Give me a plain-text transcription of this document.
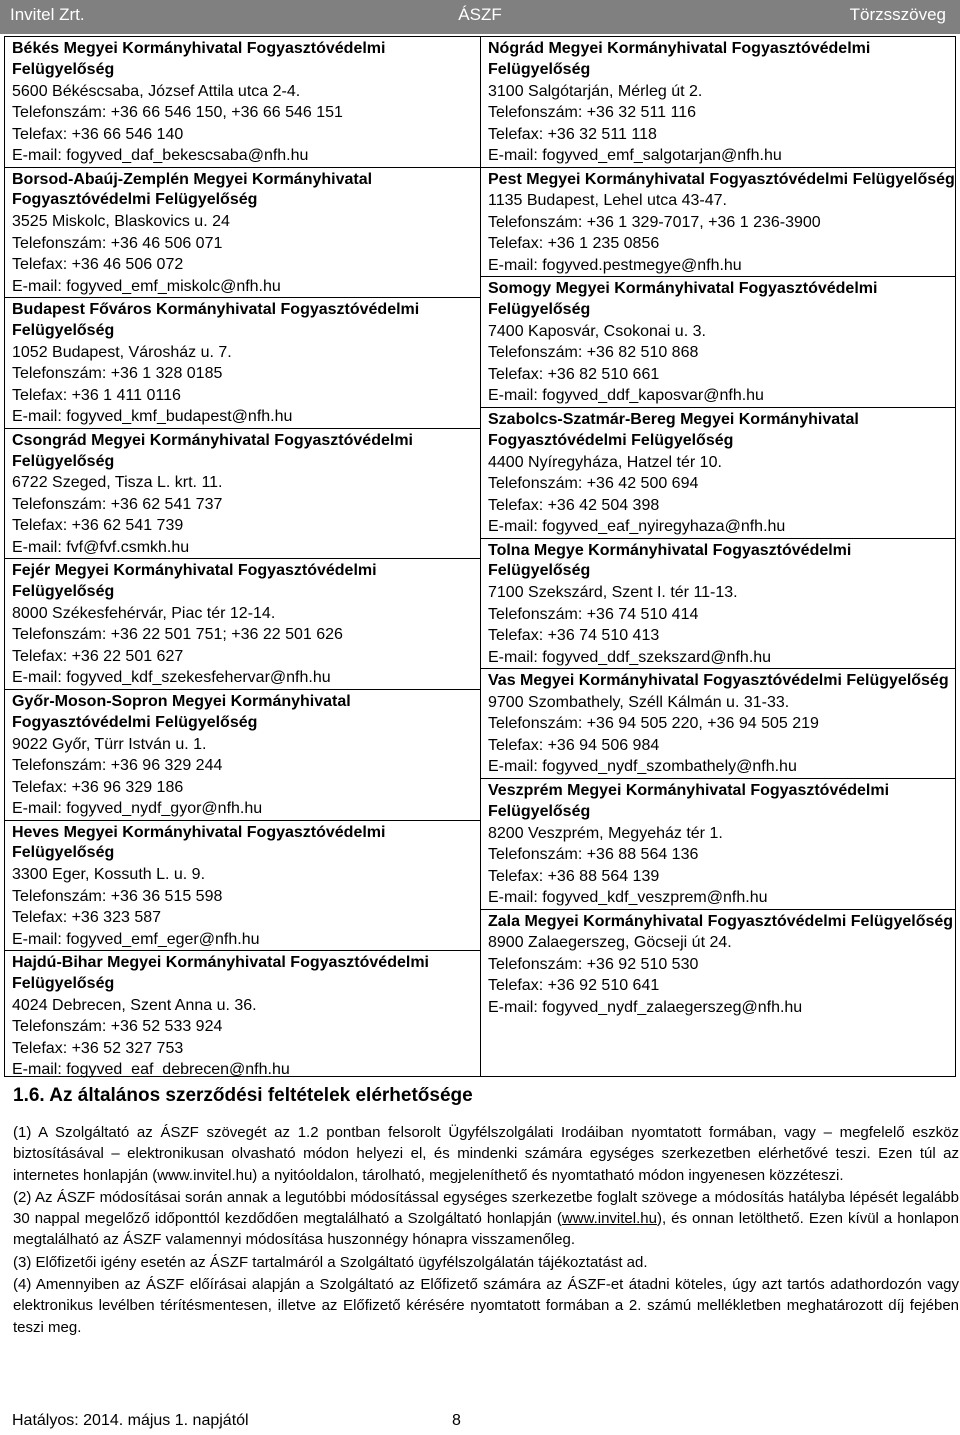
Invitel Zrt.	ÁSZF	Törzsszöveg
Békés Megyei Kormányhivatal Fogyasztóvédelmi Felügyelőség
5600 Békéscsaba, József Attila utca 2-4.
Telefonszám: +36 66 546 150, +36 66 546 151
Telefax: +36 66 546 140
E-mail: fogyved_daf_bekescsaba@nfh.hu
Borsod-Abaúj-Zemplén Megyei Kormányhivatal Fogyasztóvédelmi Felügyelőség
3525 Miskolc, Blaskovics u. 24
Telefonszám: +36 46 506 071
Telefax: +36 46 506 072
E-mail: fogyved_emf_miskolc@nfh.hu
Budapest Főváros Kormányhivatal Fogyasztóvédelmi Felügyelőség
1052 Budapest, Városház u. 7.
Telefonszám: +36 1 328 0185
Telefax: +36 1 411 0116
E-mail: fogyved_kmf_budapest@nfh.hu
Csongrád Megyei Kormányhivatal Fogyasztóvédelmi Felügyelőség
6722 Szeged, Tisza L. krt. 11.
Telefonszám: +36 62 541 737
Telefax: +36 62 541 739
E-mail: fvf@fvf.csmkh.hu
Fejér Megyei Kormányhivatal Fogyasztóvédelmi Felügyelőség
8000 Székesfehérvár, Piac tér 12-14.
Telefonszám: +36 22 501 751; +36 22 501 626
Telefax: +36 22 501 627
E-mail: fogyved_kdf_szekesfehervar@nfh.hu
Győr-Moson-Sopron Megyei Kormányhivatal Fogyasztóvédelmi Felügyelőség
9022 Győr, Türr István u. 1.
Telefonszám: +36 96 329 244
Telefax: +36 96 329 186
E-mail: fogyved_nydf_gyor@nfh.hu
Heves Megyei Kormányhivatal Fogyasztóvédelmi Felügyelőség
3300 Eger, Kossuth L. u. 9.
Telefonszám: +36 36 515 598
Telefax: +36 323 587
E-mail: fogyved_emf_eger@nfh.hu
Hajdú-Bihar Megyei Kormányhivatal Fogyasztóvédelmi Felügyelőség
4024 Debrecen, Szent Anna u. 36.
Telefonszám: +36 52 533 924
Telefax: +36 52 327 753
E-mail: fogyved_eaf_debrecen@nfh.hu
Nógrád Megyei Kormányhivatal Fogyasztóvédelmi Felügyelőség
3100 Salgótarján, Mérleg út 2.
Telefonszám: +36 32 511 116
Telefax: +36 32 511 118
E-mail: fogyved_emf_salgotarjan@nfh.hu
Pest Megyei Kormányhivatal Fogyasztóvédelmi Felügyelőség
1135 Budapest, Lehel utca 43-47.
Telefonszám: +36 1 329-7017, +36 1 236-3900
Telefax: +36 1 235 0856
E-mail: fogyved.pestmegye@nfh.hu
Somogy Megyei Kormányhivatal Fogyasztóvédelmi Felügyelőség
7400 Kaposvár, Csokonai u. 3.
Telefonszám: +36 82 510 868
Telefax: +36 82 510 661
E-mail: fogyved_ddf_kaposvar@nfh.hu
Szabolcs-Szatmár-Bereg Megyei Kormányhivatal Fogyasztóvédelmi Felügyelőség
4400 Nyíregyháza, Hatzel tér 10.
Telefonszám: +36 42 500 694
Telefax: +36 42 504 398
E-mail: fogyved_eaf_nyiregyhaza@nfh.hu
Tolna Megye Kormányhivatal Fogyasztóvédelmi Felügyelőség
7100 Szekszárd, Szent I. tér 11-13.
Telefonszám: +36 74 510 414
Telefax: +36 74 510 413
E-mail: fogyved_ddf_szekszard@nfh.hu
Vas Megyei Kormányhivatal Fogyasztóvédelmi Felügyelőség
9700 Szombathely, Széll Kálmán u. 31-33.
Telefonszám: +36 94 505 220, +36 94 505 219
Telefax: +36 94 506 984
E-mail: fogyved_nydf_szombathely@nfh.hu
Veszprém Megyei Kormányhivatal Fogyasztóvédelmi Felügyelőség
8200 Veszprém, Megyeház tér 1.
Telefonszám: +36 88 564 136
Telefax: +36 88 564 139
E-mail: fogyved_kdf_veszprem@nfh.hu
Zala Megyei Kormányhivatal Fogyasztóvédelmi Felügyelőség
8900 Zalaegerszeg, Göcseji út 24.
Telefonszám: +36 92 510 530
Telefax: +36 92 510 641
E-mail: fogyved_nydf_zalaegerszeg@nfh.hu
1.6. Az általános szerződési feltételek elérhetősége

(1) A Szolgáltató az ÁSZF szövegét az 1.2 pontban felsorolt Ügyfélszolgálati Irodáiban nyomtatott formában, vagy – megfelelő eszköz biztosításával – elektronikusan olvasható módon helyezi el, és mindenki számára egységes szerkezetben elérhetővé teszi. Ezen túl az internetes honlapján (www.invitel.hu) a nyitóoldalon, tárolható, megjeleníthető és nyomtatható módon ingyenesen közzéteszi.

(2) Az ÁSZF módosításai során annak a legutóbbi módosítással egységes szerkezetbe foglalt szövege a módosítás hatályba lépését legalább 30 nappal megelőző időponttól kezdődően megtalálható a Szolgáltató honlapján (www.invitel.hu), és onnan letölthető. Ezen kívül a honlapon megtalálható az ÁSZF valamennyi módosítása huszonnégy hónapra visszamenőleg.

(3) Előfizetői igény esetén az ÁSZF tartalmáról a Szolgáltató ügyfélszolgálatán tájékoztatást ad.

(4) Amennyiben az ÁSZF előírásai alapján a Szolgáltató az Előfizető számára az ÁSZF-et átadni köteles, úgy azt tartós adathordozón vagy elektronikus levélben térítésmentesen, illetve az Előfizető kérésére nyomtatott formában a 2. számú mellékletben meghatározott díj fejében teszi meg.

Hatályos: 2014. május 1. napjától	8
